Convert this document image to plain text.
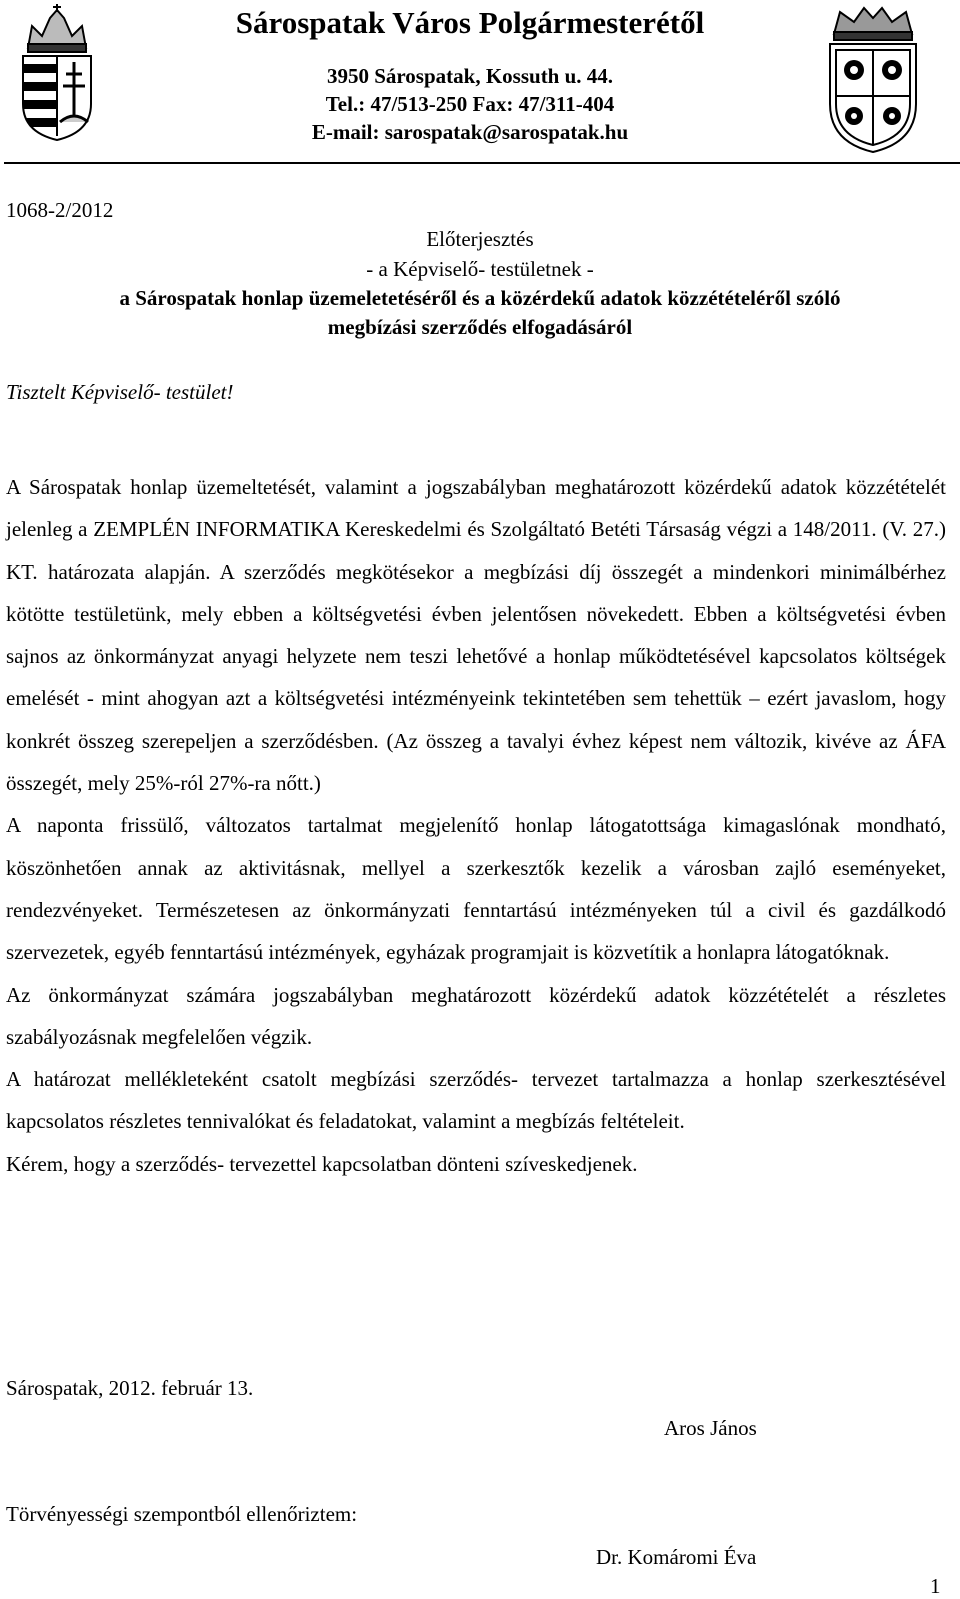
Sárospatak Város Polgármesterétől
3950 Sárospatak, Kossuth u. 44.
Tel.: 47/513-250 Fax: 47/311-404
E-mail: sarospatak@sarospatak.hu
1068-2/2012
Előterjesztés
- a Képviselő- testületnek -
a Sárospatak honlap üzemeletetéséről és a közérdekű adatok közzétételéről szóló
megbízási szerződés elfogadásáról
Tisztelt Képviselő- testület!

A Sárospatak honlap üzemeltetését, valamint a jogszabályban meghatározott közérdekű adatok közzétételét jelenleg a ZEMPLÉN INFORMATIKA Kereskedelmi és Szolgáltató Betéti Társaság végzi a 148/2011. (V. 27.) KT. határozata alapján. A szerződés megkötésekor a megbízási díj összegét a mindenkori minimálbérhez kötötte testületünk, mely ebben a költségvetési évben jelentősen növekedett. Ebben a költségvetési évben sajnos az önkormányzat anyagi helyzete nem teszi lehetővé a honlap működtetésével kapcsolatos költségek emelését - mint ahogyan azt a költségvetési intézményeink tekintetében sem tehettük – ezért javaslom, hogy konkrét összeg szerepeljen a szerződésben. (Az összeg a tavalyi évhez képest nem változik, kivéve az ÁFA összegét, mely 25%-ról 27%-ra nőtt.)

A naponta frissülő, változatos tartalmat megjelenítő honlap látogatottsága kimagaslónak mondható, köszönhetően annak az aktivitásnak, mellyel a szerkesztők kezelik a városban zajló eseményeket, rendezvényeket. Természetesen az önkormányzati fenntartású intézményeken túl a civil és gazdálkodó szervezetek, egyéb fenntartású intézmények, egyházak programjait is közvetítik a honlapra látogatóknak.

Az önkormányzat számára jogszabályban meghatározott közérdekű adatok közzétételét a részletes szabályozásnak megfelelően végzik.

A határozat mellékleteként csatolt megbízási szerződés- tervezet tartalmazza a honlap szerkesztésével kapcsolatos részletes tennivalókat és feladatokat, valamint a megbízás feltételeit.

Kérem, hogy a szerződés- tervezettel kapcsolatban dönteni szíveskedjenek.

Sárospatak, 2012. február 13.
Aros János
Törvényességi szempontból ellenőriztem:
Dr. Komáromi Éva
1
